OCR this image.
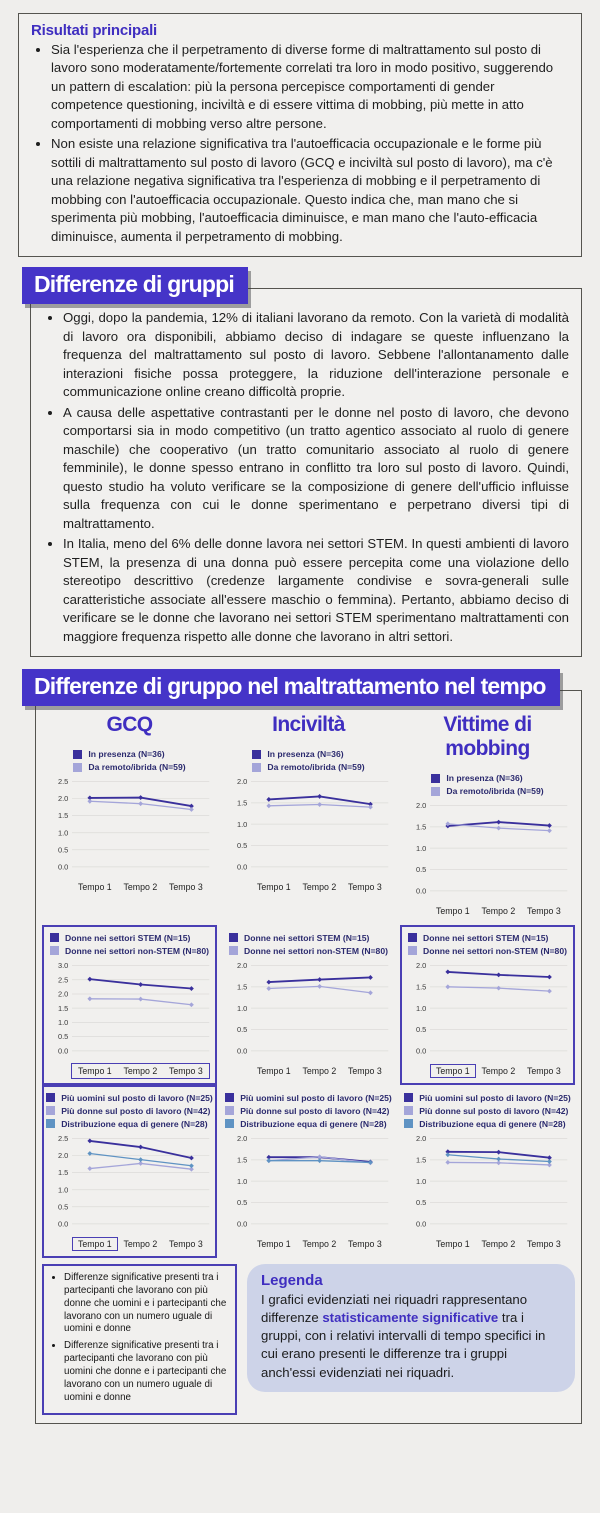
Risultati principali
• Sia l'esperienza che il perpetramento di diverse forme di maltrattamento sul posto di lavoro sono moderatamente/fortemente correlati tra loro in modo positivo, suggerendo un pattern di escalation: più la persona percepisce comportamenti di gender competence questioning, inciviltà e di essere vittima di mobbing, più mette in atto comportamenti di mobbing verso altre persone.
• Non esiste una relazione significativa tra l'autoefficacia occupazionale e le forme più sottili di maltrattamento sul posto di lavoro (GCQ e inciviltà sul posto di lavoro), ma c'è una relazione negativa significativa tra l'esperienza di mobbing e il perpetramento di mobbing con l'autoefficacia occupazionale. Questo indica che, man mano che si sperimenta più mobbing, l'autoefficacia diminuisce, e man mano che l'auto-efficacia diminuisce, aumenta il perpetramento di mobbing.
Differenze di gruppi
• Oggi, dopo la pandemia, 12% di italiani lavorano da remoto. Con la varietà di modalità di lavoro ora disponibili, abbiamo deciso di indagare se queste influenzano la frequenza del maltrattamento sul posto di lavoro. Sebbene l'allontanamento dalle interazioni fisiche possa proteggere, la riduzione dell'interazione personale e communicazione online creano difficoltà proprie.
• A causa delle aspettative contrastanti per le donne nel posto di lavoro, che devono comportarsi sia in modo competitivo (un tratto agentico associato al ruolo di genere maschile) che cooperativo (un tratto comunitario associato al ruolo di genere femminile), le donne spesso entrano in conflitto tra loro sul posto di lavoro. Quindi, questo studio ha voluto verificare se la composizione di genere dell'ufficio influisse sulla frequenza con cui le donne sperimentano e perpetrano diversi tipi di maltrattamento.
• In Italia, meno del 6% delle donne lavora nei settori STEM. In questi ambienti di lavoro STEM, la presenza di una donna può essere percepita come una violazione dello stereotipo descrittivo (credenze largamente condivise e sovra-generali sulle caratteristiche associate all'essere maschio o femmina). Pertanto, abbiamo deciso di verificare se le donne che lavorano nei settori STEM sperimentano maltrattamenti con maggiore frequenza rispetto alle donne che lavorano in altri settori.
Differenze di gruppo nel maltrattamento nel tempo
GCQ
In presenza (N=36)
Da remoto/ibrida (N=59)
0.0
0.5
1.0
1.5
2.0
2.5
Tempo 1	Tempo 2	Tempo 3
Inciviltà
In presenza (N=36)
Da remoto/ibrida (N=59)
0.0
0.5
1.0
1.5
2.0
Tempo 1	Tempo 2	Tempo 3
Vittime di mobbing
In presenza (N=36)
Da remoto/ibrida (N=59)
0.0
0.5
1.0
1.5
2.0
Tempo 1	Tempo 2	Tempo 3
Donne nei settori STEM (N=15)
Donne nei settori non-STEM (N=80)
0.0
0.5
1.0
1.5
2.0
2.5
3.0
Tempo 1	Tempo 2	Tempo 3
Donne nei settori STEM (N=15)
Donne nei settori non-STEM (N=80)
0.0
0.5
1.0
1.5
2.0
Tempo 1	Tempo 2	Tempo 3
Donne nei settori STEM (N=15)
Donne nei settori non-STEM (N=80)
0.0
0.5
1.0
1.5
2.0
Tempo 1	Tempo 2	Tempo 3
Più uomini sul posto di lavoro (N=25)
Più donne sul posto di lavoro (N=42)
Distribuzione equa di genere (N=28)
0.0
0.5
1.0
1.5
2.0
2.5
Tempo 1	Tempo 2	Tempo 3
Più uomini sul posto di lavoro (N=25)
Più donne sul posto di lavoro (N=42)
Distribuzione equa di genere (N=28)
0.0
0.5
1.0
1.5
2.0
Tempo 1	Tempo 2	Tempo 3
Più uomini sul posto di lavoro (N=25)
Più donne sul posto di lavoro (N=42)
Distribuzione equa di genere (N=28)
0.0
0.5
1.0
1.5
2.0
Tempo 1	Tempo 2	Tempo 3
• Differenze significative presenti tra i partecipanti che lavorano con più donne che uomini e i partecipanti che lavorano con un numero uguale di uomini e donne
• Differenze significative presenti tra i partecipanti che lavorano con più uomini che donne e i partecipanti che lavorano con un numero uguale di uomini e donne
Legenda

I grafici evidenziati nei riquadri rappresentano differenze statisticamente significative tra i gruppi, con i relativi intervalli di tempo specifici in cui erano presenti le differenze tra i gruppi anch'essi evidenziati nei riquadri.
